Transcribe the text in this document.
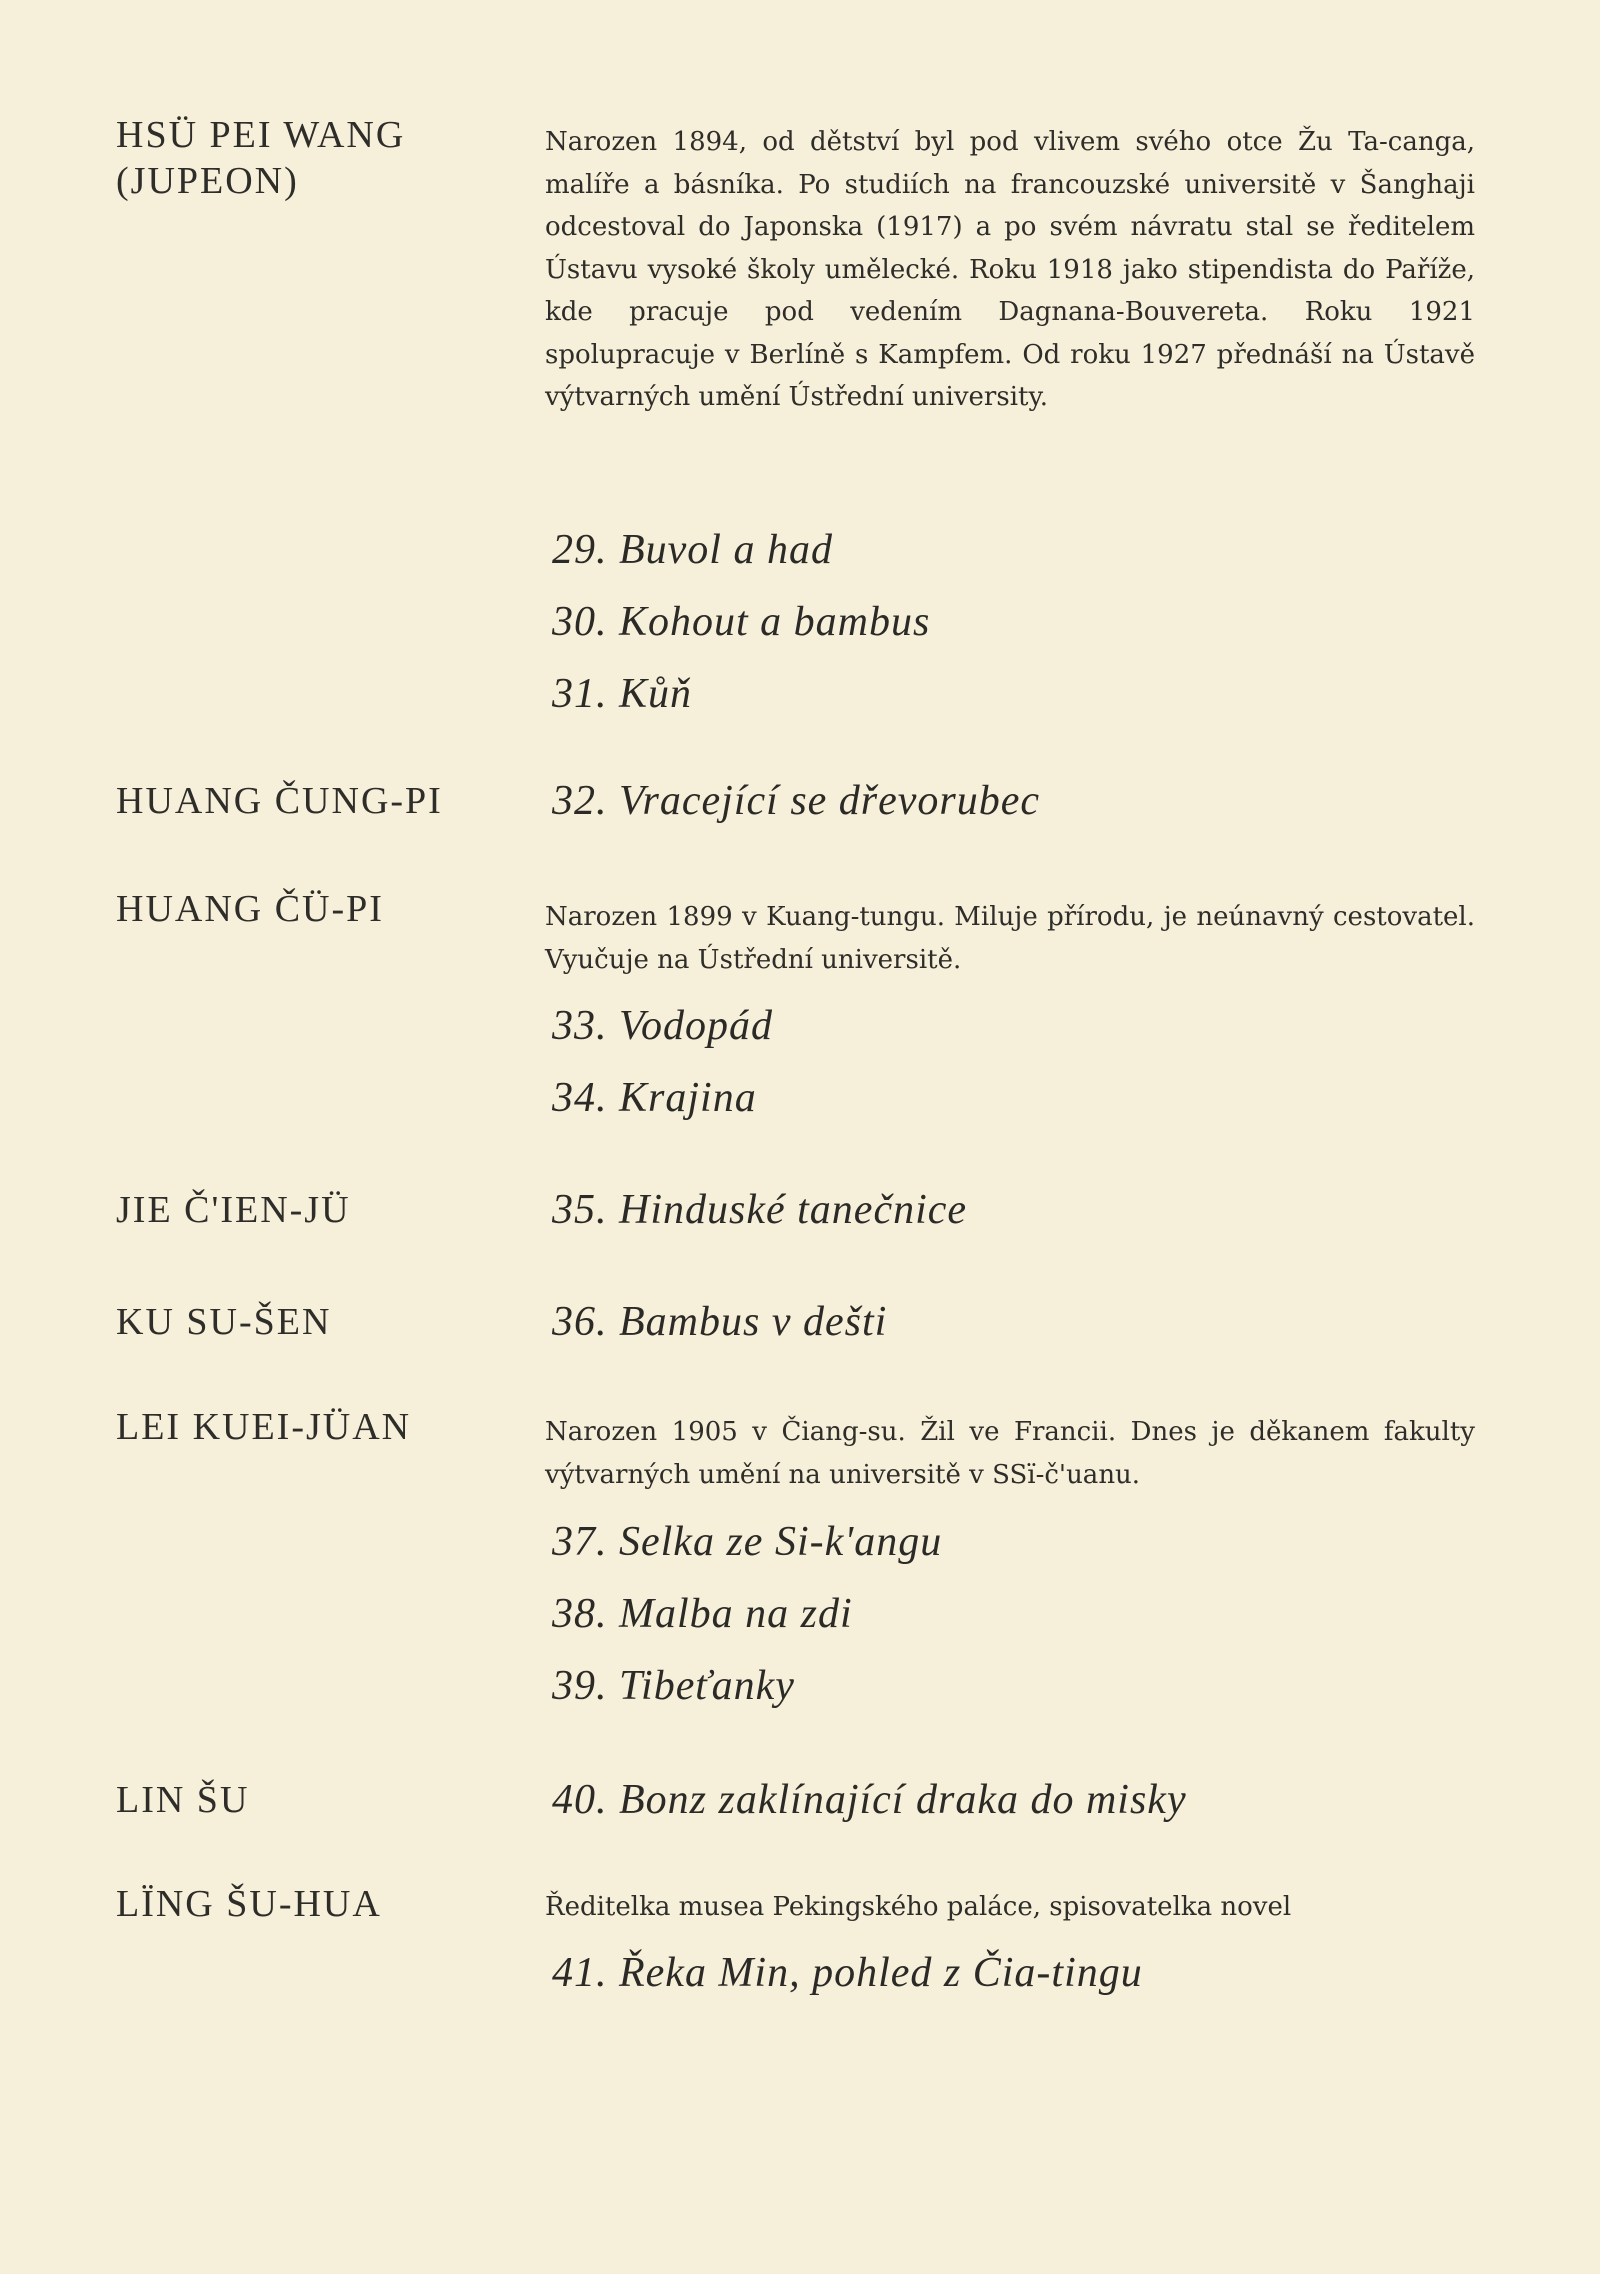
HSÜ PEI WANG
(JUPEON)
Narozen 1894, od dětství byl pod vlivem svého otce Žu Ta-canga, malíře a básníka. Po studiích na francouzské universitě v Šanghaji odcestoval do Japonska (1917) a po svém návratu stal se ředitelem Ústavu vysoké školy umělecké. Roku 1918 jako stipendista do Paříže, kde pracuje pod vedením Dagnana-Bouvereta. Roku 1921 spolupracuje v Berlíně s Kampfem. Od roku 1927 přednáší na Ústavě výtvarných umění Ústřední university.
29. Buvol a had
30. Kohout a bambus
31. Kůň
HUANG ČUNG-PI	32. Vracející se dřevorubec
HUANG ČÜ-PI	Narozen 1899 v Kuang-tungu. Miluje přírodu, je neúnavný cestovatel. Vyučuje na Ústřední universitě.
33. Vodopád
34. Krajina
JIE Č'IEN-JÜ	35. Hinduské tanečnice
KU SU-ŠEN	36. Bambus v dešti
LEI KUEI-JÜAN	Narozen 1905 v Čiang-su. Žil ve Francii. Dnes je děkanem fakulty výtvarných umění na universitě v SSï-č'uanu.
37. Selka ze Si-k'angu
38. Malba na zdi
39. Tibeťanky
LIN ŠU	40. Bonz zaklínající draka do misky
LÏNG ŠU-HUA	Ředitelka musea Pekingského paláce, spisovatelka novel
41. Řeka Min, pohled z Čia-tingu
